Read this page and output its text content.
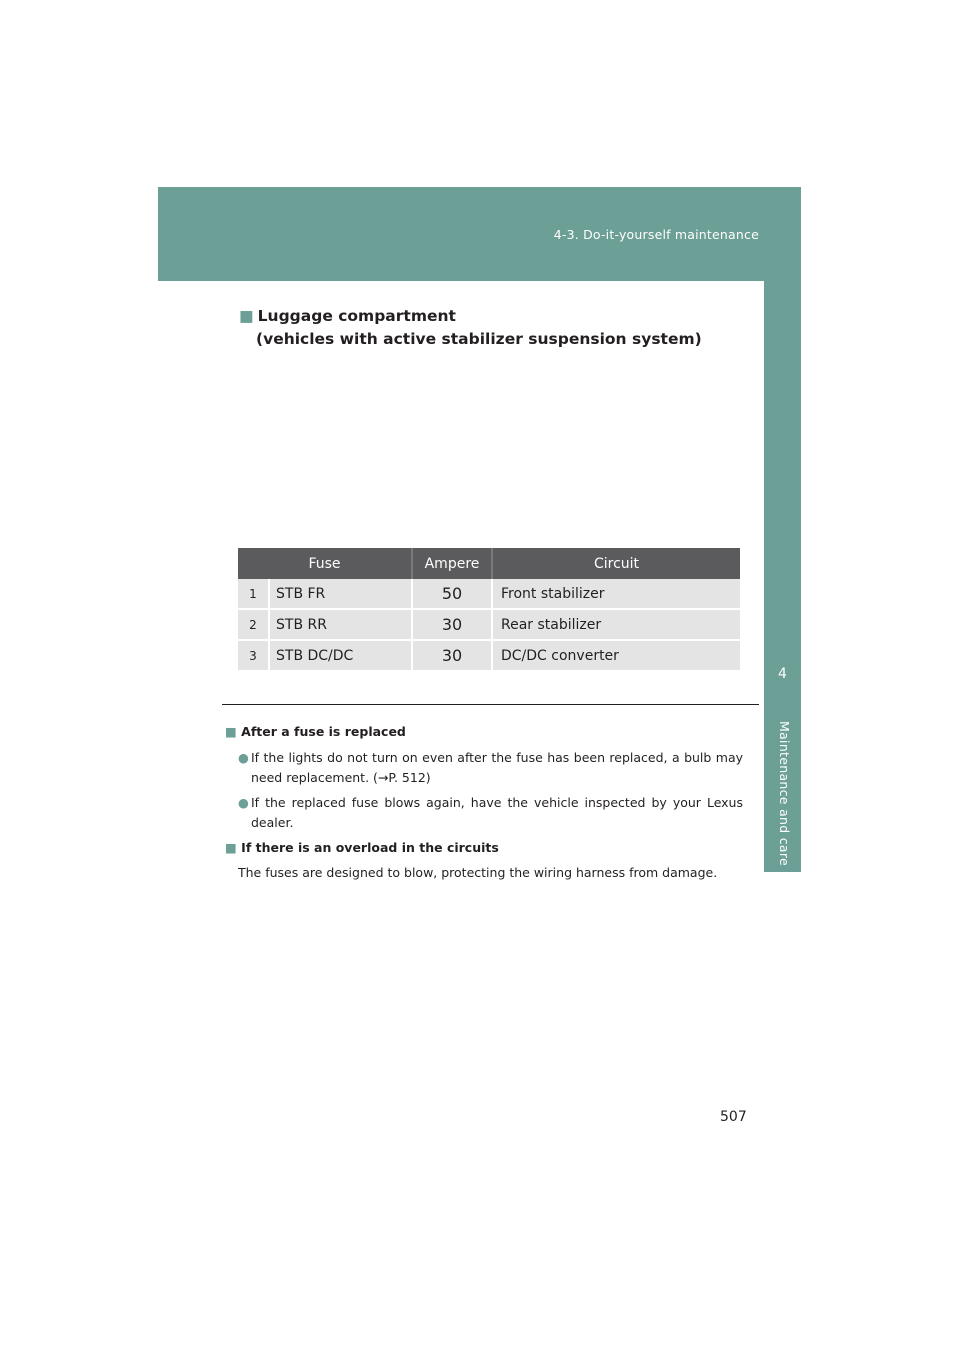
4-3. Do-it-yourself maintenance
4
Maintenance and care
■ Luggage compartment
(vehicles with active stabilizer suspension system)
Fuse		Ampere	Circuit
1	STB FR	50	Front stabilizer
2	STB RR	30	Rear stabilizer
3	STB DC/DC	30	DC/DC converter
■ After a fuse is replaced
● If the lights do not turn on even after the fuse has been replaced, a bulb may need replacement. (→P. 512)
● If the replaced fuse blows again, have the vehicle inspected by your Lexus dealer.
■ If there is an overload in the circuits
The fuses are designed to blow, protecting the wiring harness from damage.
507
